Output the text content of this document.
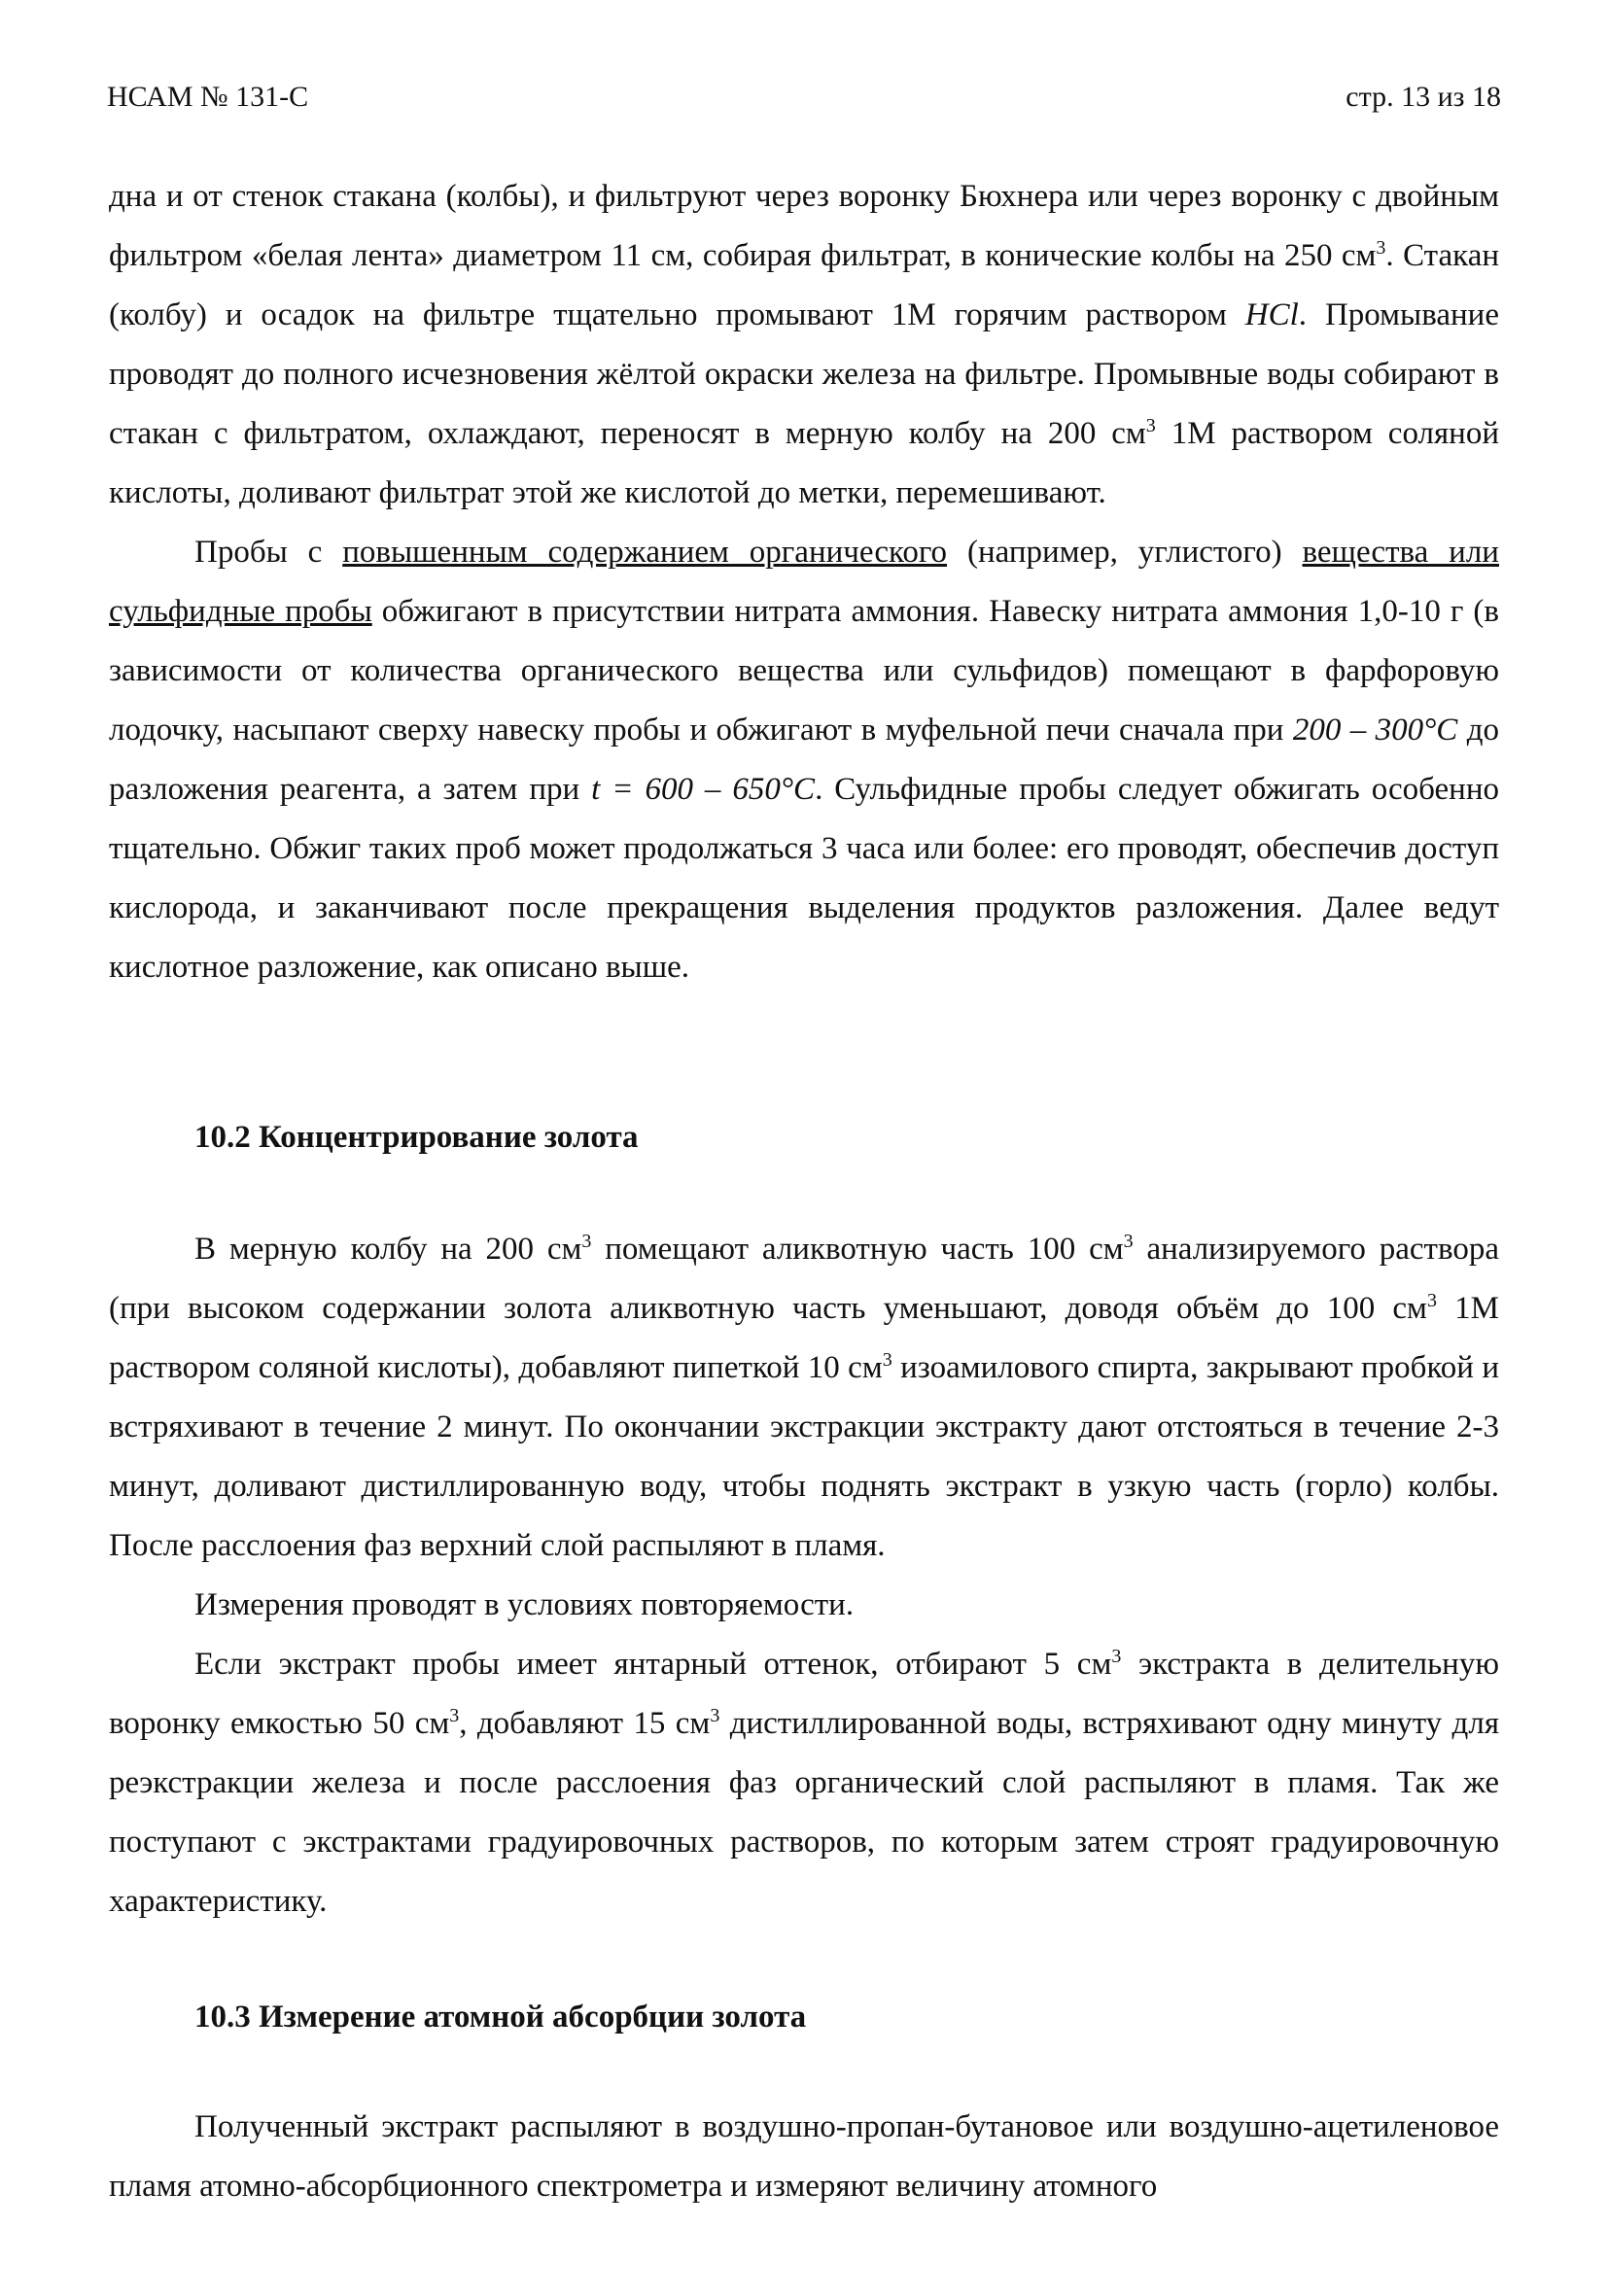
НСАМ № 131-С	стр. 13 из 18

дна и от стенок стакана (колбы), и фильтруют через воронку Бюхнера или через воронку с двойным фильтром «белая лента» диаметром 11 см, собирая фильтрат, в конические колбы на 250 $см^3$. Стакан (колбу) и осадок на фильтре тщательно промывают 1М горячим раствором HCl. Промывание проводят до полного исчезновения жёлтой окраски железа на фильтре. Промывные воды собирают в стакан с фильтратом, охлаждают, переносят в мерную колбу на 200 $см^3$ 1М раствором соляной кислоты, доливают фильтрат этой же кислотой до метки, перемешивают.

Пробы с повышенным содержанием органического (например, углистого) вещества или сульфидные пробы обжигают в присутствии нитрата аммония. Навеску нитрата аммония 1,0-10 г (в зависимости от количества органического вещества или сульфидов) помещают в фарфоровую лодочку, насыпают сверху навеску пробы и обжигают в муфельной печи сначала при 200 – 300°C до разложения реагента, а затем при t = 600 – 650°C. Сульфидные пробы следует обжигать особенно тщательно. Обжиг таких проб может продолжаться 3 часа или более: его проводят, обеспечив доступ кислорода, и заканчивают после прекращения выделения продуктов разложения. Далее ведут кислотное разложение, как описано выше.

10.2 Концентрирование золота

В мерную колбу на 200 $см^3$ помещают аликвотную часть 100 $см^3$ анализируемого раствора (при высоком содержании золота аликвотную часть уменьшают, доводя объём до 100 $см^3$ 1М раствором соляной кислоты), добавляют пипеткой 10 $см^3$ изоамилового спирта, закрывают пробкой и встряхивают в течение 2 минут. По окончании экстракции экстракту дают отстояться в течение 2-3 минут, доливают дистиллированную воду, чтобы поднять экстракт в узкую часть (горло) колбы. После расслоения фаз верхний слой распыляют в пламя.

Измерения проводят в условиях повторяемости.

Если экстракт пробы имеет янтарный оттенок, отбирают 5 $см^3$ экстракта в делительную воронку емкостью 50 $см^3$, добавляют 15 $см^3$ дистиллированной воды, встряхивают одну минуту для реэкстракции железа и после расслоения фаз органический слой распыляют в пламя. Так же поступают с экстрактами градуировочных растворов, по которым затем строят градуировочную характеристику.

10.3 Измерение атомной абсорбции золота

Полученный экстракт распыляют в воздушно-пропан-бутановое или воздушно-ацетиленовое пламя атомно-абсорбционного спектрометра и измеряют величину атомного
